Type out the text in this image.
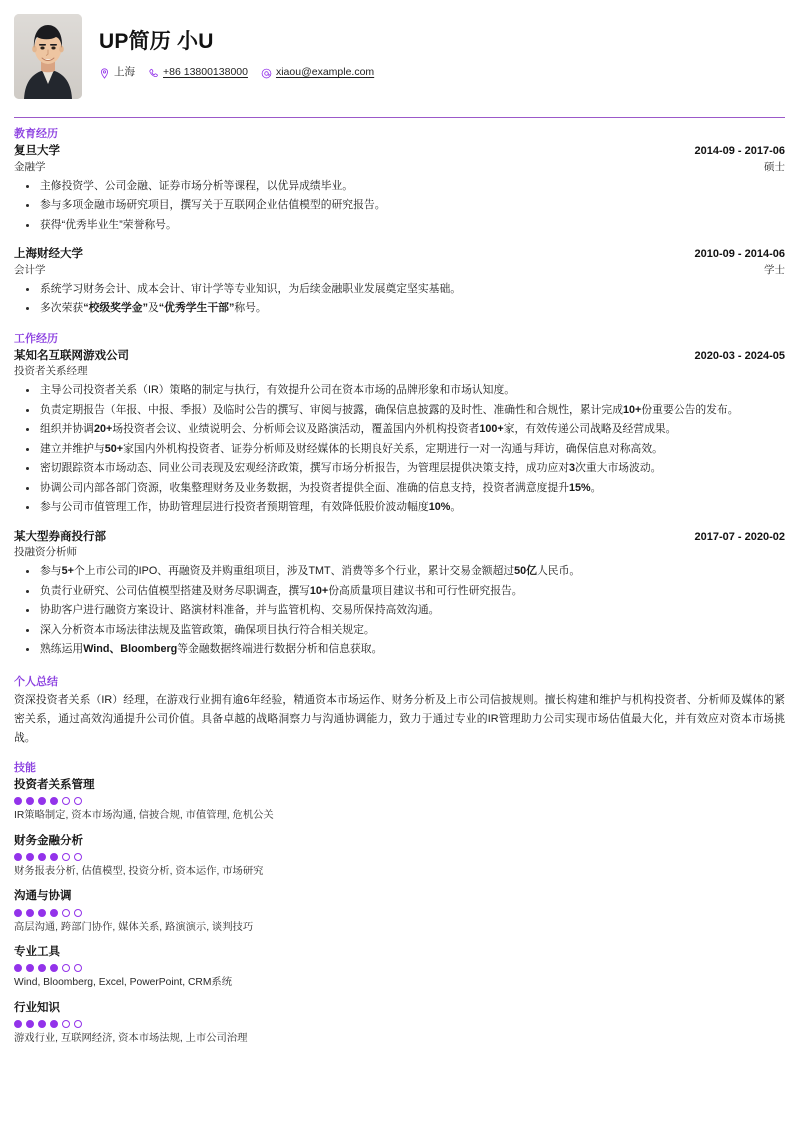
UP简历 小U
上海	+86 13800138000	xiaou@example.com
教育经历
复旦大学	2014-09 - 2017-06
金融学	硕士
主修投资学、公司金融、证券市场分析等课程，以优异成绩毕业。
参与多项金融市场研究项目，撰写关于互联网企业估值模型的研究报告。
获得“优秀毕业生”荣誉称号。
上海财经大学	2010-09 - 2014-06
会计学	学士
系统学习财务会计、成本会计、审计学等专业知识，为后续金融职业发展奠定坚实基础。
多次荣获“校级奖学金”及“优秀学生干部”称号。
工作经历
某知名互联网游戏公司	2020-03 - 2024-05
投资者关系经理
主导公司投资者关系（IR）策略的制定与执行，有效提升公司在资本市场的品牌形象和市场认知度。
负责定期报告（年报、中报、季报）及临时公告的撰写、审阅与披露，确保信息披露的及时性、准确性和合规性，累计完成10+份重要公告的发布。
组织并协调20+场投资者会议、业绩说明会、分析师会议及路演活动，覆盖国内外机构投资者100+家，有效传递公司战略及经营成果。
建立并维护与50+家国内外机构投资者、证券分析师及财经媒体的长期良好关系，定期进行一对一沟通与拜访，确保信息对称高效。
密切跟踪资本市场动态、同业公司表现及宏观经济政策，撰写市场分析报告，为管理层提供决策支持，成功应对3次重大市场波动。
协调公司内部各部门资源，收集整理财务及业务数据，为投资者提供全面、准确的信息支持，投资者满意度提升15%。
参与公司市值管理工作，协助管理层进行投资者预期管理，有效降低股价波动幅度10%。
某大型券商投行部	2017-07 - 2020-02
投融资分析师
参与5+个上市公司的IPO、再融资及并购重组项目，涉及TMT、消费等多个行业，累计交易金额超过50亿人民币。
负责行业研究、公司估值模型搭建及财务尽职调查，撰写10+份高质量项目建议书和可行性研究报告。
协助客户进行融资方案设计、路演材料准备，并与监管机构、交易所保持高效沟通。
深入分析资本市场法律法规及监管政策，确保项目执行符合相关规定。
熟练运用Wind、Bloomberg等金融数据终端进行数据分析和信息获取。
个人总结
资深投资者关系（IR）经理，在游戏行业拥有逾6年经验，精通资本市场运作、财务分析及上市公司信披规则。擅长构建和维护与机构投资者、分析师及媒体的紧密关系，通过高效沟通提升公司价值。具备卓越的战略洞察力与沟通协调能力，致力于通过专业的IR管理助力公司实现市场估值最大化，并有效应对资本市场挑战。
技能
投资者关系管理
IR策略制定, 资本市场沟通, 信披合规, 市值管理, 危机公关
财务金融分析
财务报表分析, 估值模型, 投资分析, 资本运作, 市场研究
沟通与协调
高层沟通, 跨部门协作, 媒体关系, 路演演示, 谈判技巧
专业工具
Wind, Bloomberg, Excel, PowerPoint, CRM系统
行业知识
游戏行业, 互联网经济, 资本市场法规, 上市公司治理
